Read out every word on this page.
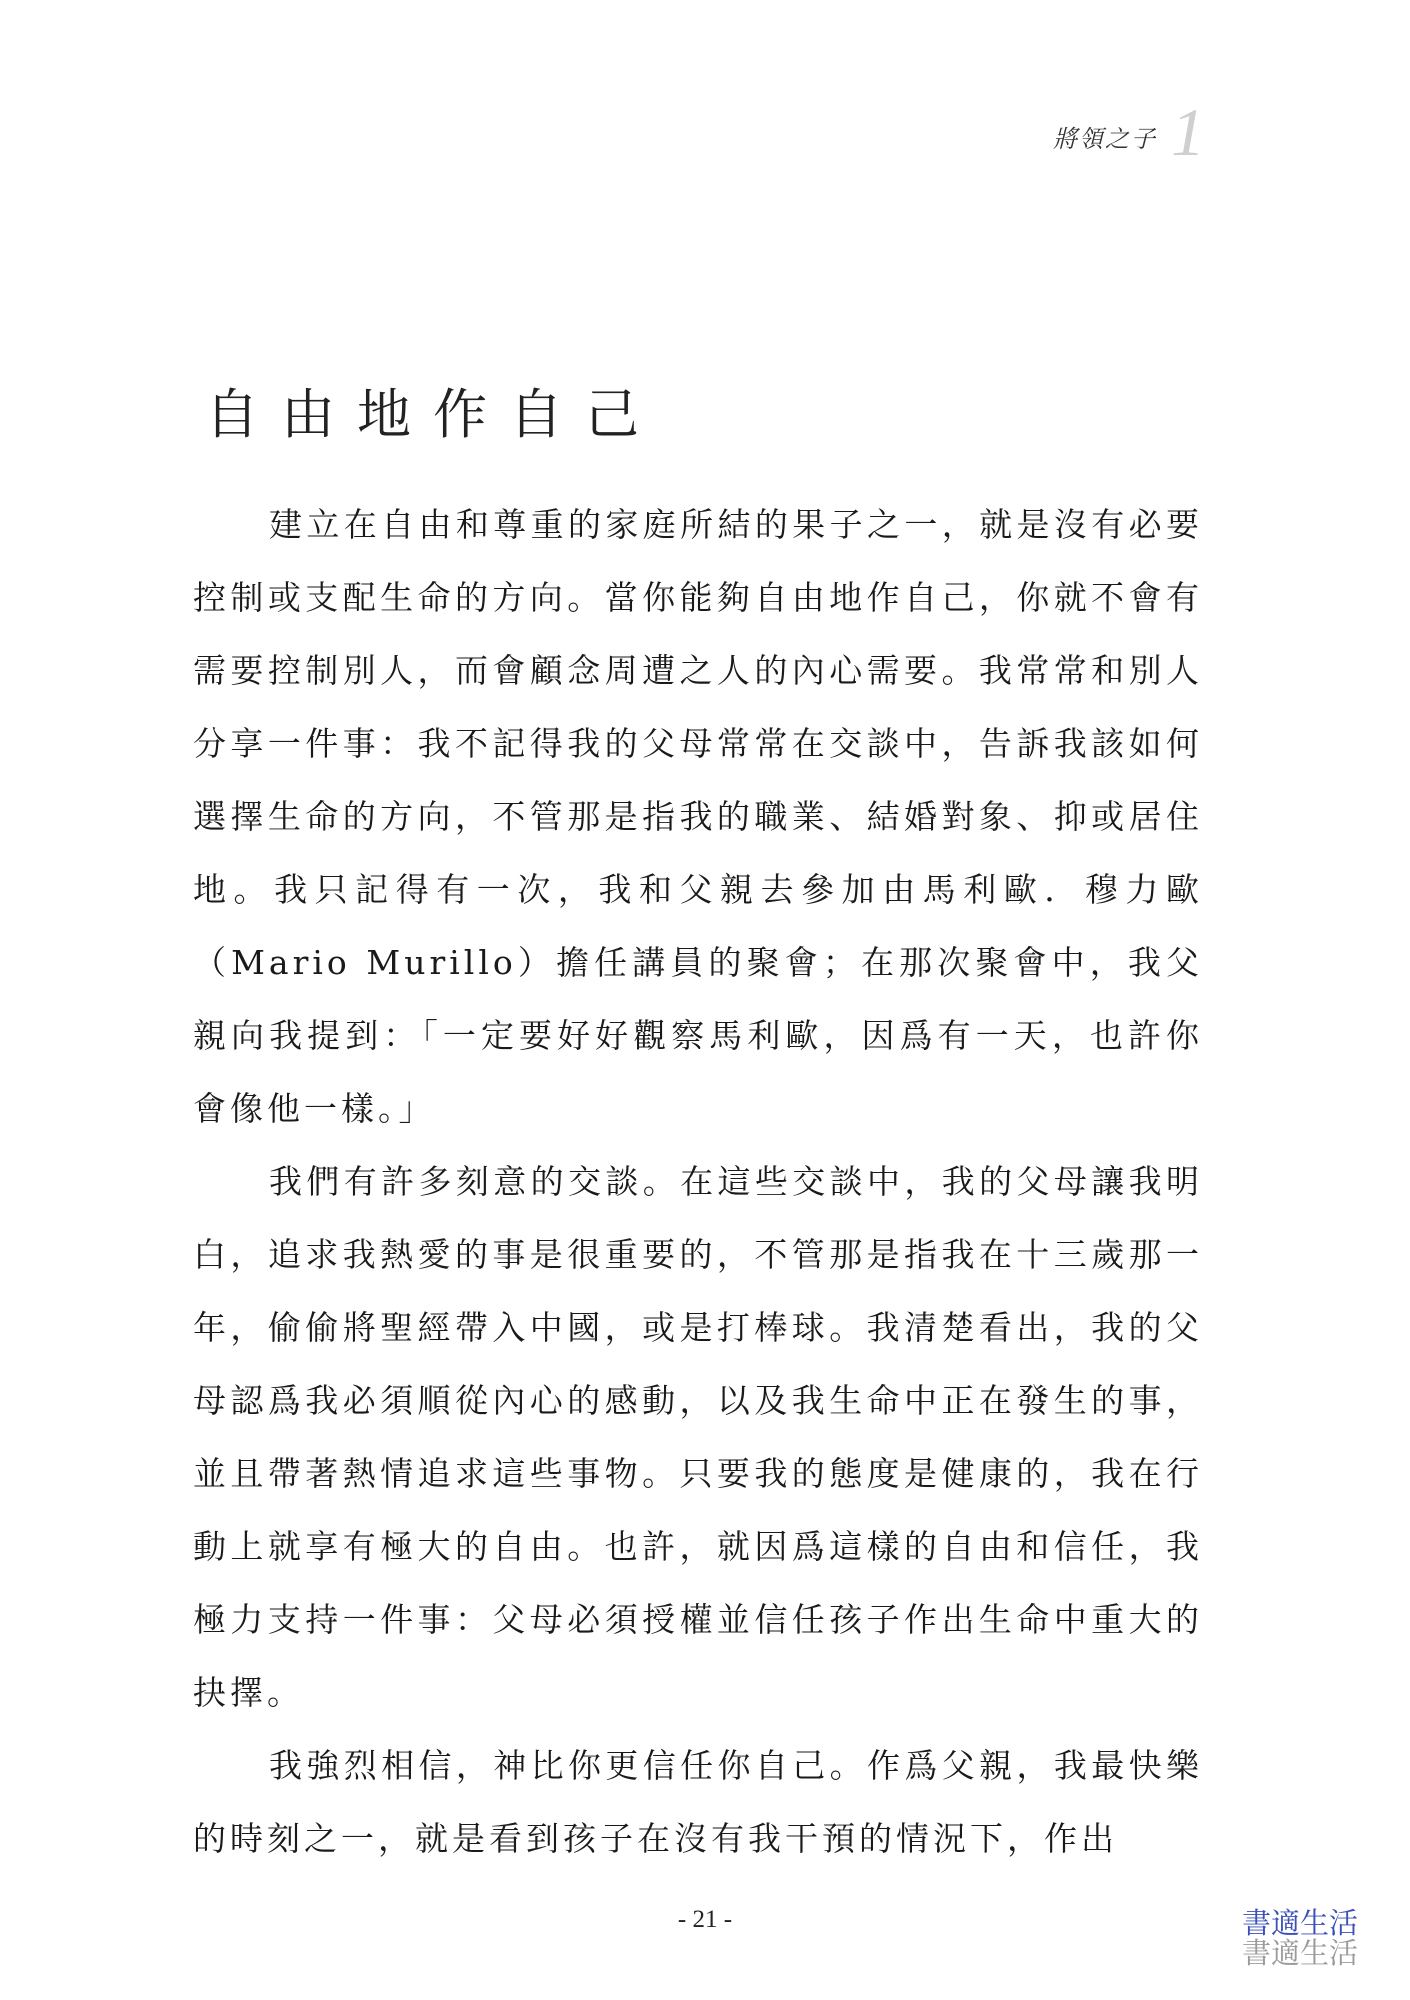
將領之子 1
自由地作自己

建立在自由和尊重的家庭所結的果子之一，就是沒有必要控制或支配生命的方向。當你能夠自由地作自己，你就不會有需要控制別人，而會顧念周遭之人的內心需要。我常常和別人分享一件事：我不記得我的父母常常在交談中，告訴我該如何選擇生命的方向，不管那是指我的職業、結婚對象、抑或居住地。我只記得有一次，我和父親去參加由馬利歐．穆力歐（Mario Murillo）擔任講員的聚會；在那次聚會中，我父親向我提到：「一定要好好觀察馬利歐，因爲有一天，也許你會像他一樣。」

我們有許多刻意的交談。在這些交談中，我的父母讓我明白，追求我熱愛的事是很重要的，不管那是指我在十三歲那一年，偷偷將聖經帶入中國，或是打棒球。我清楚看出，我的父母認爲我必須順從內心的感動，以及我生命中正在發生的事，並且帶著熱情追求這些事物。只要我的態度是健康的，我在行動上就享有極大的自由。也許，就因爲這樣的自由和信任，我極力支持一件事：父母必須授權並信任孩子作出生命中重大的抉擇。

我強烈相信，神比你更信任你自己。作爲父親，我最快樂的時刻之一，就是看到孩子在沒有我干預的情況下，作出

- 21 -	書適生活
書適生活
